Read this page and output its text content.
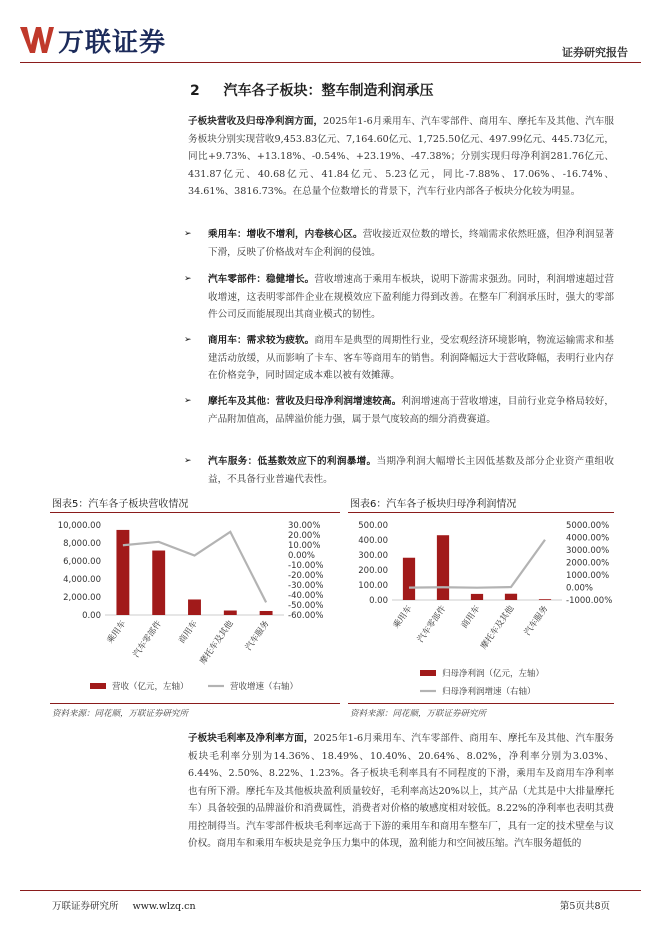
万联证券	证券研究报告
2 汽车各子板块：整车制造利润承压
子板块营收及归母净利润方面，2025年1-6月乘用车、汽车零部件、商用车、摩托车及其他、汽车服务板块分别实现营收9,453.83亿元、7,164.60亿元、1,725.50亿元、497.99亿元、445.73亿元，同比+9.73%、+13.18%、-0.54%、+23.19%、-47.38%；分别实现归母净利润281.76亿元、431.87亿元、40.68亿元、41.84亿元、5.23亿元，同比-7.88%、17.06%、-16.74%、34.61%、3816.73%。在总量个位数增长的背景下，汽车行业内部各子板块分化较为明显。
➢ 乘用车：增收不增利，内卷核心区。营收接近双位数的增长，终端需求依然旺盛，但净利润显著下滑，反映了价格战对车企利润的侵蚀。
➢ 汽车零部件：稳健增长。营收增速高于乘用车板块，说明下游需求强劲。同时，利润增速超过营收增速，这表明零部件企业在规模效应下盈利能力得到改善。在整车厂利润承压时，强大的零部件公司反而能展现出其商业模式的韧性。
➢ 商用车：需求较为疲软。商用车是典型的周期性行业，受宏观经济环境影响，物流运输需求和基建活动放缓，从而影响了卡车、客车等商用车的销售。利润降幅远大于营收降幅，表明行业内存在价格竞争，同时固定成本难以被有效摊薄。
➢ 摩托车及其他：营收及归母净利润增速较高。利润增速高于营收增速，目前行业竞争格局较好，产品附加值高，品牌溢价能力强，属于景气度较高的细分消费赛道。
➢ 汽车服务：低基数效应下的利润暴增。当期净利润大幅增长主因低基数及部分企业资产重组收益，不具备行业普遍代表性。
图表5：汽车各子板块营收情况
0.00
2,000.00
4,000.00
6,000.00
8,000.00
10,000.00
-60.00%
-50.00%
-40.00%
-30.00%
-20.00%
-10.00%
0.00%
10.00%
20.00%
30.00%
乘用车 汽车零部件 商用车
摩托车及其他 汽车服务
营收（亿元，左轴）	营收增速（右轴）
资料来源：同花顺，万联证券研究所
图表6：汽车各子板块归母净利润情况
0.00
100.00
200.00
300.00
400.00
500.00
-1000.00%
0.00%
1000.00%
2000.00%
3000.00%
4000.00%
5000.00%
乘用车 汽车零部件 商用车
摩托车及其他 汽车服务
归母净利润（亿元，左轴）
归母净利润增速（右轴）
资料来源：同花顺，万联证券研究所
子板块毛利率及净利率方面，2025年1-6月乘用车、汽车零部件、商用车、摩托车及其他、汽车服务板块毛利率分别为14.36%、18.49%、10.40%、20.64%、8.02%，净利率分别为3.03%、6.44%、2.50%、8.22%、1.23%。各子板块毛利率具有不同程度的下滑，乘用车及商用车净利率也有所下滑。摩托车及其他板块盈利质量较好，毛利率高达20%以上，其产品（尤其是中大排量摩托车）具备较强的品牌溢价和消费属性，消费者对价格的敏感度相对较低。8.22%的净利率也表明其费用控制得当。汽车零部件板块毛利率远高于下游的乘用车和商用车整车厂，具有一定的技术壁垒与议价权。商用车和乘用车板块是竞争压力集中的体现，盈利能力和空间被压缩。汽车服务超低的
万联证券研究所 www.wlzq.cn	第5页共8页
